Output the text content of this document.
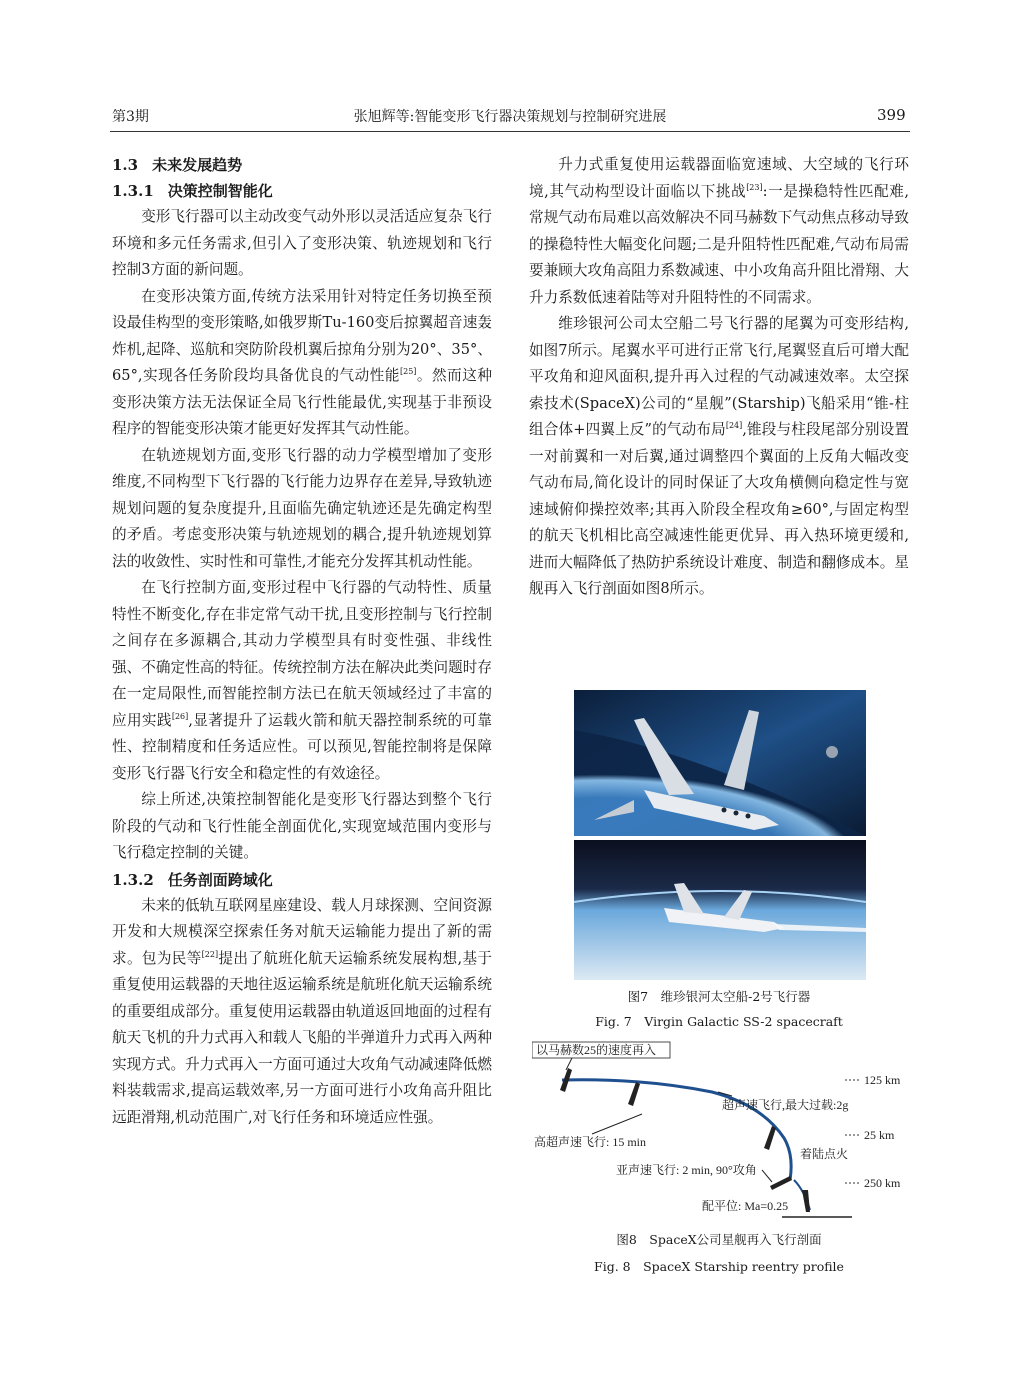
第3期	张旭辉等:智能变形飞行器决策规划与控制研究进展	399
1.3 未来发展趋势
1.3.1 决策控制智能化

变形飞行器可以主动改变气动外形以灵活适应复杂飞行环境和多元任务需求,但引入了变形决策、轨迹规划和飞行控制3方面的新问题。

在变形决策方面,传统方法采用针对特定任务切换至预设最佳构型的变形策略,如俄罗斯Tu-160变后掠翼超音速轰炸机,起降、巡航和突防阶段机翼后掠角分别为20°、35°、65°,实现各任务阶段均具备优良的气动性能[25]。然而这种变形决策方法无法保证全局飞行性能最优,实现基于非预设程序的智能变形决策才能更好发挥其气动性能。

在轨迹规划方面,变形飞行器的动力学模型增加了变形维度,不同构型下飞行器的飞行能力边界存在差异,导致轨迹规划问题的复杂度提升,且面临先确定轨迹还是先确定构型的矛盾。考虑变形决策与轨迹规划的耦合,提升轨迹规划算法的收敛性、实时性和可靠性,才能充分发挥其机动性能。

在飞行控制方面,变形过程中飞行器的气动特性、质量特性不断变化,存在非定常气动干扰,且变形控制与飞行控制之间存在多源耦合,其动力学模型具有时变性强、非线性强、不确定性高的特征。传统控制方法在解决此类问题时存在一定局限性,而智能控制方法已在航天领域经过了丰富的应用实践[26],显著提升了运载火箭和航天器控制系统的可靠性、控制精度和任务适应性。可以预见,智能控制将是保障变形飞行器飞行安全和稳定性的有效途径。

综上所述,决策控制智能化是变形飞行器达到整个飞行阶段的气动和飞行性能全剖面优化,实现宽域范围内变形与飞行稳定控制的关键。

1.3.2 任务剖面跨域化

未来的低轨互联网星座建设、载人月球探测、空间资源开发和大规模深空探索任务对航天运输能力提出了新的需求。包为民等[22]提出了航班化航天运输系统发展构想,基于重复使用运载器的天地往返运输系统是航班化航天运输系统的重要组成部分。重复使用运载器由轨道返回地面的过程有航天飞机的升力式再入和载人飞船的半弹道升力式再入两种实现方式。升力式再入一方面可通过大攻角气动减速降低燃料装载需求,提高运载效率,另一方面可进行小攻角高升阻比远距滑翔,机动范围广,对飞行任务和环境适应性强。

升力式重复使用运载器面临宽速域、大空域的飞行环境,其气动构型设计面临以下挑战[23]:一是操稳特性匹配难,常规气动布局难以高效解决不同马赫数下气动焦点移动导致的操稳特性大幅变化问题;二是升阻特性匹配难,气动布局需要兼顾大攻角高阻力系数减速、中小攻角高升阻比滑翔、大升力系数低速着陆等对升阻特性的不同需求。

维珍银河公司太空船二号飞行器的尾翼为可变形结构,如图7所示。尾翼水平可进行正常飞行,尾翼竖直后可增大配平攻角和迎风面积,提升再入过程的气动减速效率。太空探索技术(SpaceX)公司的“星舰”(Starship)飞船采用“锥-柱组合体+四翼上反”的气动布局[24],锥段与柱段尾部分别设置一对前翼和一对后翼,通过调整四个翼面的上反角大幅改变气动布局,简化设计的同时保证了大攻角横侧向稳定性与宽速域俯仰操控效率;其再入阶段全程攻角≥60°,与固定构型的航天飞机相比高空减速性能更优异、再入热环境更缓和,进而大幅降低了热防护系统设计难度、制造和翻修成本。星舰再入飞行剖面如图8所示。

图7　维珍银河太空船-2号飞行器
Fig. 7　Virgin Galactic SS-2 spacecraft
125 km
25 km
250 km
以马赫数25的速度再入
超声速飞行,最大过载:2g
高超声速飞行: 15 min
着陆点火
亚声速飞行: 2 min, 90°攻角
配平位: Ma=0.25
图8　SpaceX公司星舰再入飞行剖面
Fig. 8　SpaceX Starship reentry profile
